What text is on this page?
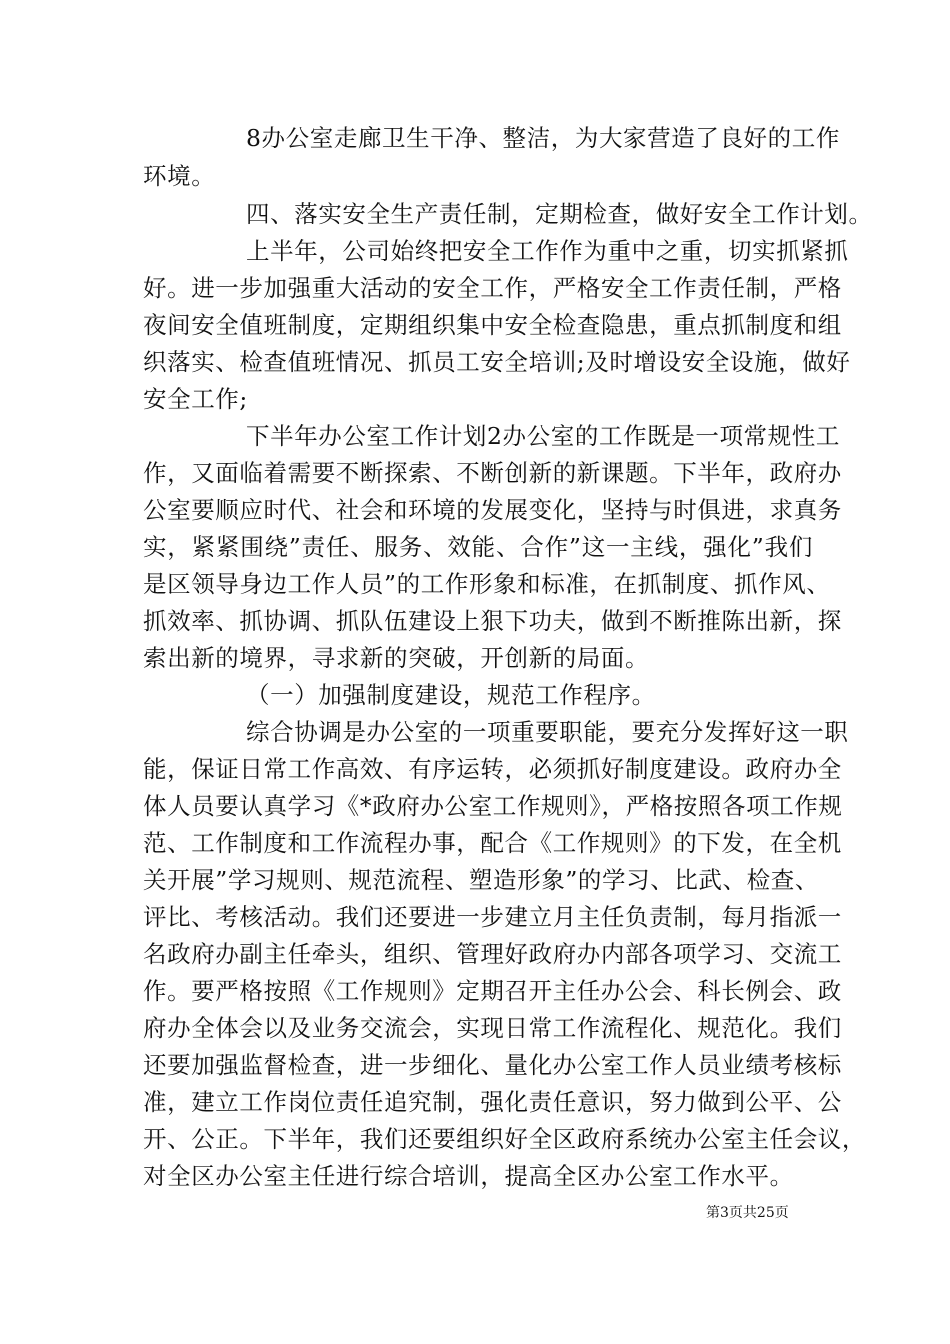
8办公室走廊卫生干净、整洁，为大家营造了良好的工作
环境。
四、落实安全生产责任制，定期检查，做好安全工作计划。
上半年，公司始终把安全工作作为重中之重，切实抓紧抓
好。进一步加强重大活动的安全工作，严格安全工作责任制，严格
夜间安全值班制度，定期组织集中安全检查隐患，重点抓制度和组
织落实、检查值班情况、抓员工安全培训;及时增设安全设施，做好
安全工作;
下半年办公室工作计划2办公室的工作既是一项常规性工
作，又面临着需要不断探索、不断创新的新课题。下半年，政府办
公室要顺应时代、社会和环境的发展变化，坚持与时俱进，求真务
实，紧紧围绕”责任、服务、效能、合作”这一主线，强化”我们
是区领导身边工作人员”的工作形象和标准，在抓制度、抓作风、
抓效率、抓协调、抓队伍建设上狠下功夫，做到不断推陈出新，探
索出新的境界，寻求新的突破，开创新的局面。
（一）加强制度建设，规范工作程序。
综合协调是办公室的一项重要职能，要充分发挥好这一职
能，保证日常工作高效、有序运转，必须抓好制度建设。政府办全
体人员要认真学习《*政府办公室工作规则》，严格按照各项工作规
范、工作制度和工作流程办事，配合《工作规则》的下发，在全机
关开展”学习规则、规范流程、塑造形象”的学习、比武、检查、
评比、考核活动。我们还要进一步建立月主任负责制，每月指派一
名政府办副主任牵头，组织、管理好政府办内部各项学习、交流工
作。要严格按照《工作规则》定期召开主任办公会、科长例会、政
府办全体会以及业务交流会，实现日常工作流程化、规范化。我们
还要加强监督检查，进一步细化、量化办公室工作人员业绩考核标
准，建立工作岗位责任追究制，强化责任意识，努力做到公平、公
开、公正。下半年，我们还要组织好全区政府系统办公室主任会议，
对全区办公室主任进行综合培训，提高全区办公室工作水平。
第3页共25页
